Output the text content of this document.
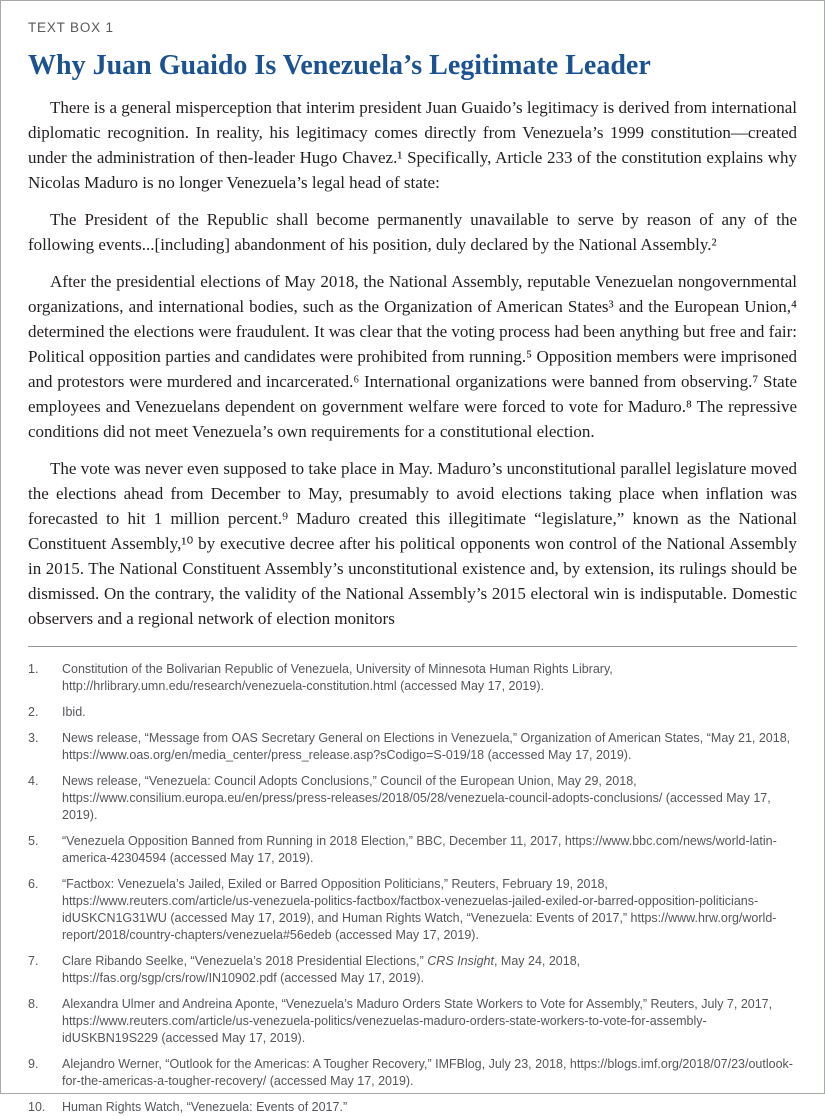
TEXT BOX 1
Why Juan Guaido Is Venezuela’s Legitimate Leader

There is a general misperception that interim president Juan Guaido’s legitimacy is derived from international diplomatic recognition. In reality, his legitimacy comes directly from Venezuela’s 1999 constitution—created under the administration of then-leader Hugo Chavez.¹ Specifically, Article 233 of the constitution explains why Nicolas Maduro is no longer Venezuela’s legal head of state:

The President of the Republic shall become permanently unavailable to serve by reason of any of the following events...[including] abandonment of his position, duly declared by the National Assembly.²

After the presidential elections of May 2018, the National Assembly, reputable Venezuelan nongovernmental organizations, and international bodies, such as the Organization of American States³ and the European Union,⁴ determined the elections were fraudulent. It was clear that the voting process had been anything but free and fair: Political opposition parties and candidates were prohibited from running.⁵ Opposition members were imprisoned and protestors were murdered and incarcerated.⁶ International organizations were banned from observing.⁷ State employees and Venezuelans dependent on government welfare were forced to vote for Maduro.⁸ The repressive conditions did not meet Venezuela’s own requirements for a constitutional election.

The vote was never even supposed to take place in May. Maduro’s unconstitutional parallel legislature moved the elections ahead from December to May, presumably to avoid elections taking place when inflation was forecasted to hit 1 million percent.⁹ Maduro created this illegitimate “legislature,” known as the National Constituent Assembly,¹⁰ by executive decree after his political opponents won control of the National Assembly in 2015. The National Constituent Assembly’s unconstitutional existence and, by extension, its rulings should be dismissed. On the contrary, the validity of the National Assembly’s 2015 electoral win is indisputable. Domestic observers and a regional network of election monitors

1.	Constitution of the Bolivarian Republic of Venezuela, University of Minnesota Human Rights Library, http://hrlibrary.umn.edu/research/venezuela-constitution.html (accessed May 17, 2019).
2.	Ibid.
3.	News release, “Message from OAS Secretary General on Elections in Venezuela,” Organization of American States, “May 21, 2018, https://www.oas.org/en/media_center/press_release.asp?sCodigo=S-019/18 (accessed May 17, 2019).
4.	News release, “Venezuela: Council Adopts Conclusions,” Council of the European Union, May 29, 2018, https://www.consilium.europa.eu/en/press/press-releases/2018/05/28/venezuela-council-adopts-conclusions/ (accessed May 17, 2019).
5.	“Venezuela Opposition Banned from Running in 2018 Election,” BBC, December 11, 2017, https://www.bbc.com/news/world-latin-america-42304594 (accessed May 17, 2019).
6.	“Factbox: Venezuela’s Jailed, Exiled or Barred Opposition Politicians,” Reuters, February 19, 2018, https://www.reuters.com/article/us-venezuela-politics-factbox/factbox-venezuelas-jailed-exiled-or-barred-opposition-politicians-idUSKCN1G31WU (accessed May 17, 2019), and Human Rights Watch, “Venezuela: Events of 2017,” https://www.hrw.org/world-report/2018/country-chapters/venezuela#56edeb (accessed May 17, 2019).
7.	Clare Ribando Seelke, “Venezuela’s 2018 Presidential Elections,” CRS Insight, May 24, 2018, https://fas.org/sgp/crs/row/IN10902.pdf (accessed May 17, 2019).
8.	Alexandra Ulmer and Andreina Aponte, “Venezuela’s Maduro Orders State Workers to Vote for Assembly,” Reuters, July 7, 2017, https://www.reuters.com/article/us-venezuela-politics/venezuelas-maduro-orders-state-workers-to-vote-for-assembly-idUSKBN19S229 (accessed May 17, 2019).
9.	Alejandro Werner, “Outlook for the Americas: A Tougher Recovery,” IMFBlog, July 23, 2018, https://blogs.imf.org/2018/07/23/outlook-for-the-americas-a-tougher-recovery/ (accessed May 17, 2019).
10.	Human Rights Watch, “Venezuela: Events of 2017.”
